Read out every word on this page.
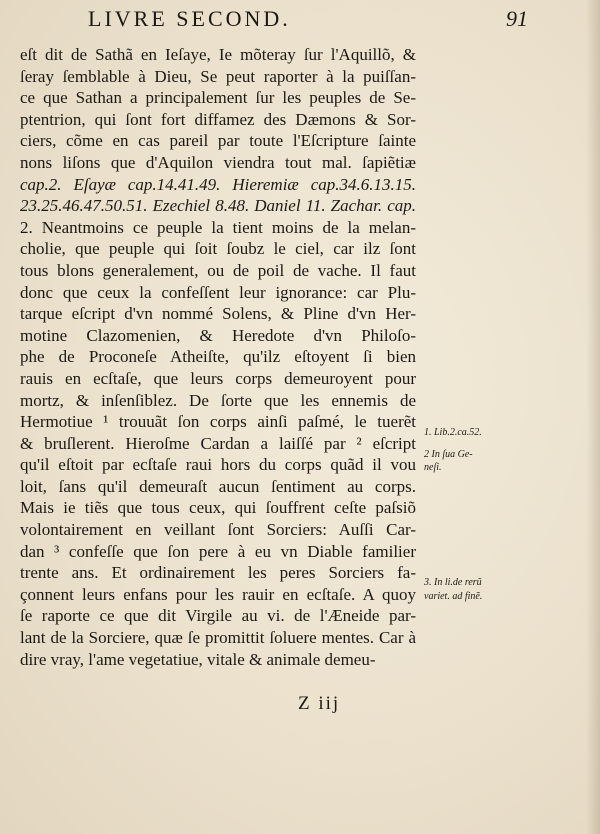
LIVRE SECOND.	91
eſt dit de Sathã en Ieſaye, Ie mõteray ſur l'Aquillõ, &
ſeray ſemblable à Dieu, Se peut raporter à la puiſſan-
ce que Sathan a principalement ſur les peuples de Se-
ptentrion, qui ſont fort diffamez des Dæmons & Sor-
ciers, cõme en cas pareil par toute l'Eſcripture ſainte
nons liſons que d'Aquilon viendra tout mal. ſapiẽtiæ
cap.2. Eſayæ cap.14.41.49. Hieremiæ cap.34.6.13.15.
23.25.46.47.50.51. Ezechiel 8.48. Daniel 11. Zachar. cap.
2. Neantmoins ce peuple la tient moins de la melan-
cholie, que peuple qui ſoit ſoubz le ciel, car ilz ſont
tous blons generalement, ou de poil de vache. Il faut
donc que ceux la confeſſent leur ignorance: car Plu-
tarque eſcript d'vn nommé Solens, & Pline d'vn Her-
motine Clazomenien, & Heredote d'vn Philoſo-
phe de Proconeſe Atheiſte, qu'ilz eſtoyent ſi bien
rauis en ecſtaſe, que leurs corps demeuroyent pour
mortz, & inſenſiblez. De ſorte que les ennemis de
Hermotiue ¹ trouuãt ſon corps ainſi paſmé, le tuerẽt
& bruſlerent. Hieroſme Cardan a laiſſé par ² eſcript
qu'il eſtoit par ecſtaſe raui hors du corps quãd il vou
loit, ſans qu'il demeuraſt aucun ſentiment au corps.
Mais ie tiẽs que tous ceux, qui ſouffrent ceſte paſsiõ
volontairement en veillant ſont Sorciers: Auſſi Car-
dan ³ confeſſe que ſon pere à eu vn Diable familier
trente ans. Et ordinairement les peres Sorciers fa-
çonnent leurs enfans pour les rauir en ecſtaſe. A quoy
ſe raporte ce que dit Virgile au vi. de l'Æneide par-
lant de la Sorciere, quæ ſe promittit ſoluere mentes. Car à
dire vray, l'ame vegetatiue, vitale & animale demeu-
1. Lib.2.ca.52.
2 In ſua Ge-
neſi.
3. In li.de rerũ
variet. ad finẽ.
Z iij
